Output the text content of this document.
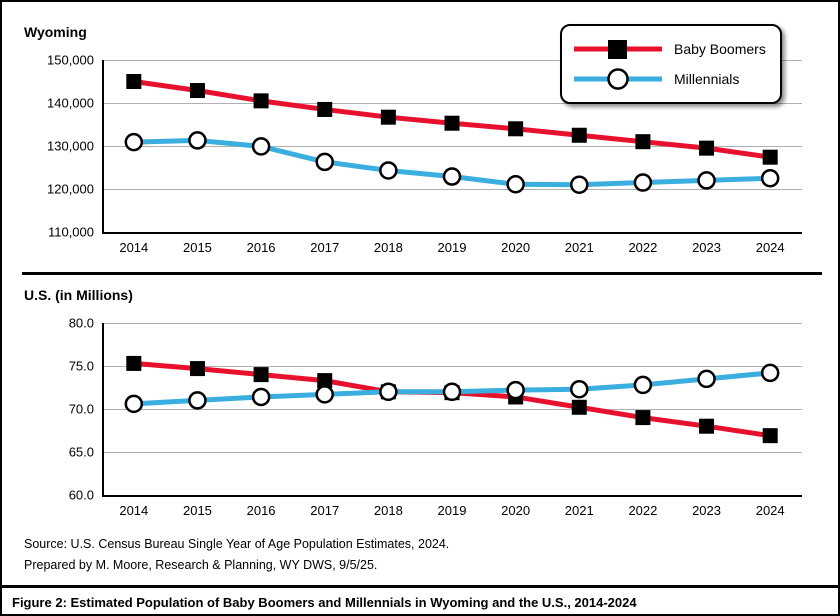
Wyoming
110,000
120,000
130,000
140,000
150,000
2014	2015	2016	2017	2018	2019	2020	2021	2022	2023	2024
Baby Boomers
Millennials
U.S. (in Millions)
60.0
65.0
70.0
75.0
80.0
2014	2015	2016	2017	2018	2019	2020	2021	2022	2023	2024
Source: U.S. Census Bureau Single Year of Age Population Estimates, 2024.
Prepared by M. Moore, Research & Planning, WY DWS, 9/5/25.
Figure 2: Estimated Population of Baby Boomers and Millennials in Wyoming and the U.S., 2014-2024
